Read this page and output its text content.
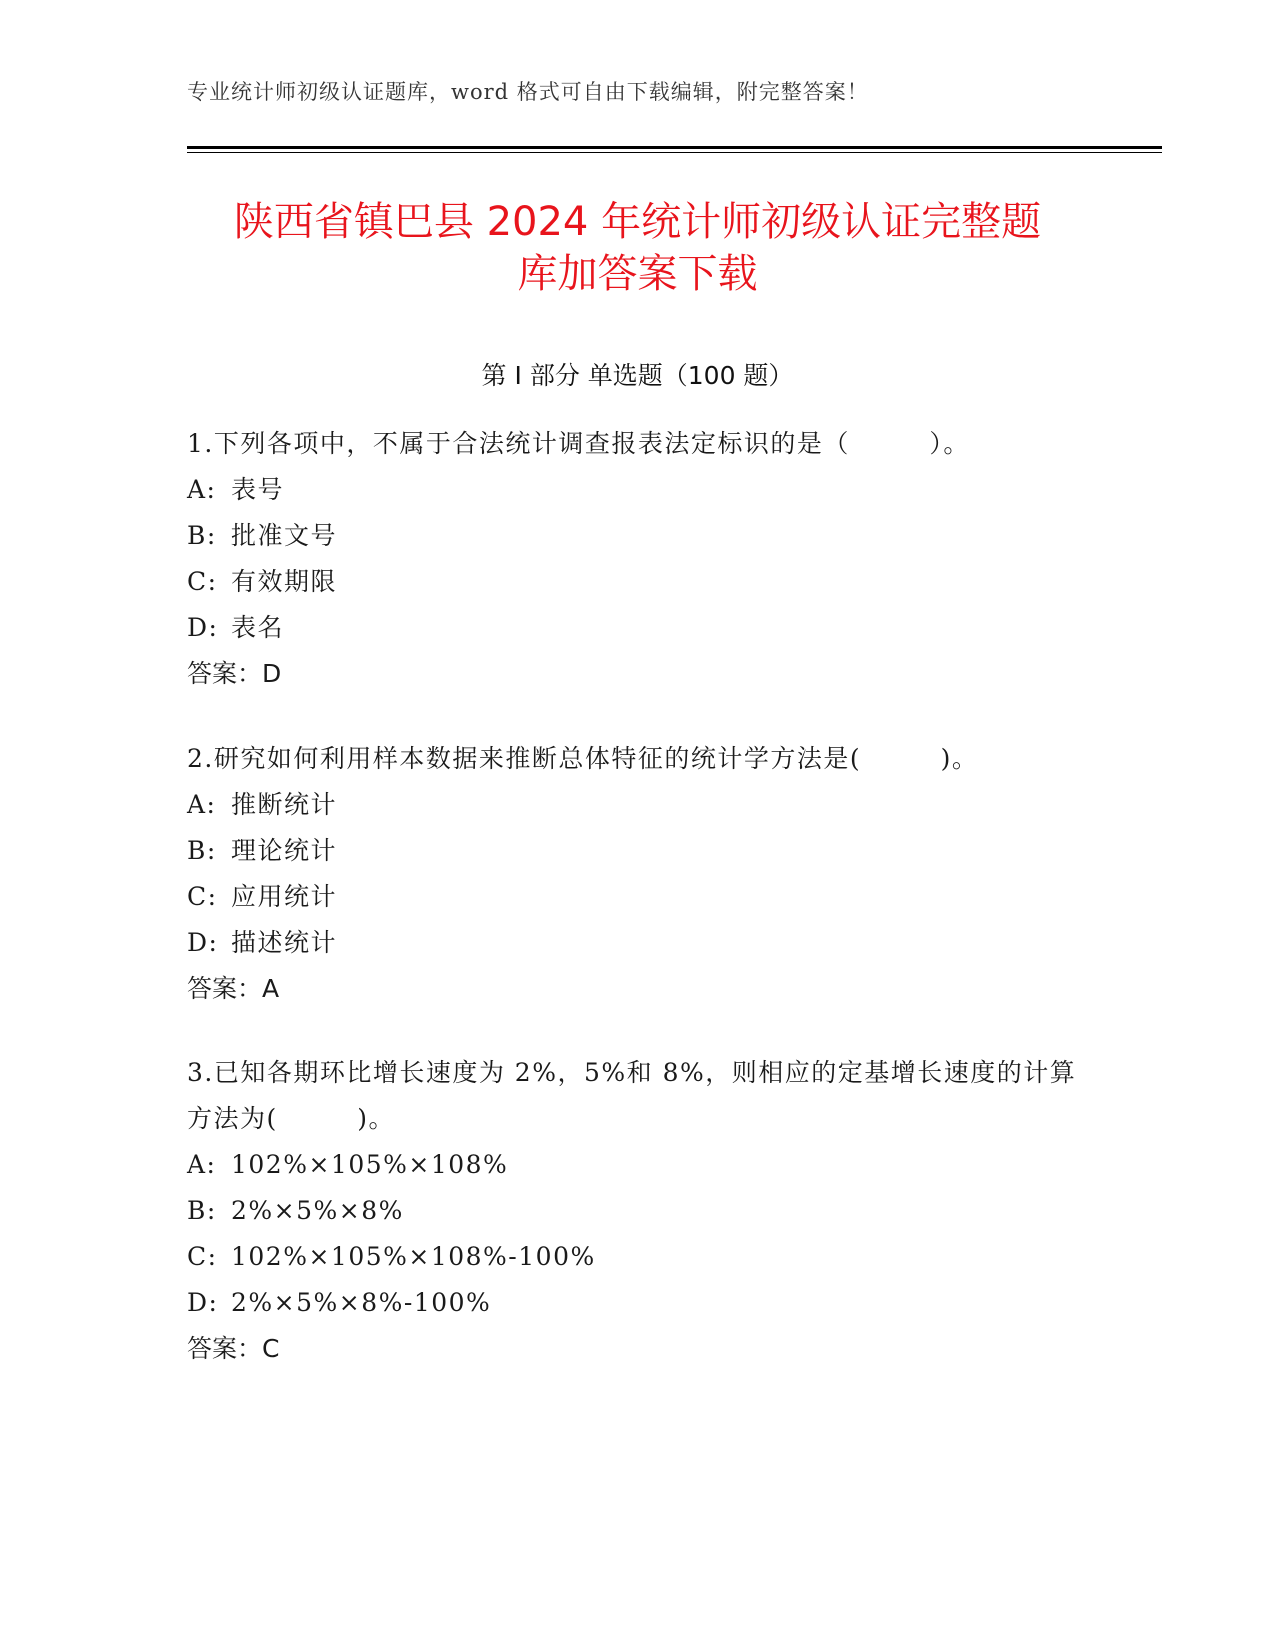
专业统计师初级认证题库，word 格式可自由下载编辑，附完整答案！
陕西省镇巴县 2024 年统计师初级认证完整题
库加答案下载
第 I 部分 单选题（100 题）

1.下列各项中，不属于合法统计调查报表法定标识的是（　　　）。

A: 表号

B: 批准文号

C: 有效期限

D: 表名

答案：D

2.研究如何利用样本数据来推断总体特征的统计学方法是(　　　)。

A: 推断统计

B: 理论统计

C: 应用统计

D: 描述统计

答案：A

3.已知各期环比增长速度为 2%，5%和 8%，则相应的定基增长速度的计算方法为(　　　)。

A: 102%×105%×108%

B: 2%×5%×8%

C: 102%×105%×108%-100%

D: 2%×5%×8%-100%

答案：C
